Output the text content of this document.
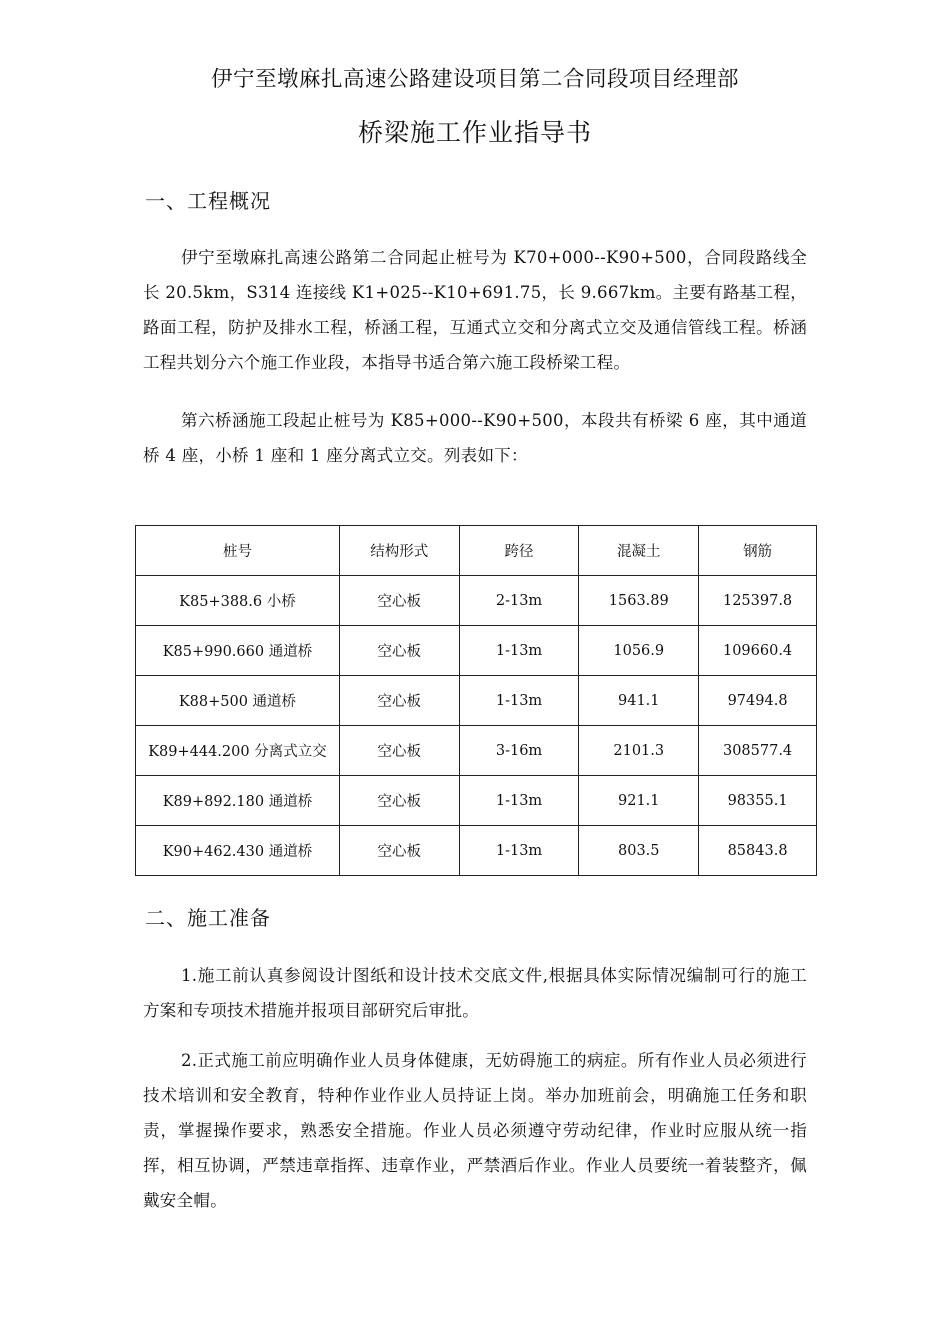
伊宁至墩麻扎高速公路建设项目第二合同段项目经理部
桥梁施工作业指导书
一、工程概况

伊宁至墩麻扎高速公路第二合同起止桩号为 K70+000--K90+500，合同段路线全长 20.5km，S314 连接线 K1+025--K10+691.75，长 9.667km。主要有路基工程，路面工程，防护及排水工程，桥涵工程，互通式立交和分离式立交及通信管线工程。桥涵工程共划分六个施工作业段，本指导书适合第六施工段桥梁工程。

第六桥涵施工段起止桩号为 K85+000--K90+500，本段共有桥梁 6 座，其中通道桥 4 座，小桥 1 座和 1 座分离式立交。列表如下：

桩号	结构形式	跨径	混凝土	钢筋
K85+388.6 小桥	空心板	2-13m	1563.89	125397.8
K85+990.660 通道桥	空心板	1-13m	1056.9	109660.4
K88+500 通道桥	空心板	1-13m	941.1	97494.8
K89+444.200 分离式立交	空心板	3-16m	2101.3	308577.4
K89+892.180 通道桥	空心板	1-13m	921.1	98355.1
K90+462.430 通道桥	空心板	1-13m	803.5	85843.8
二、施工准备

1.施工前认真参阅设计图纸和设计技术交底文件,根据具体实际情况编制可行的施工方案和专项技术措施并报项目部研究后审批。

2.正式施工前应明确作业人员身体健康，无妨碍施工的病症。所有作业人员必须进行技术培训和安全教育，特种作业作业人员持证上岗。举办加班前会，明确施工任务和职责，掌握操作要求，熟悉安全措施。作业人员必须遵守劳动纪律，作业时应服从统一指挥，相互协调，严禁违章指挥、违章作业，严禁酒后作业。作业人员要统一着装整齐，佩戴安全帽。
